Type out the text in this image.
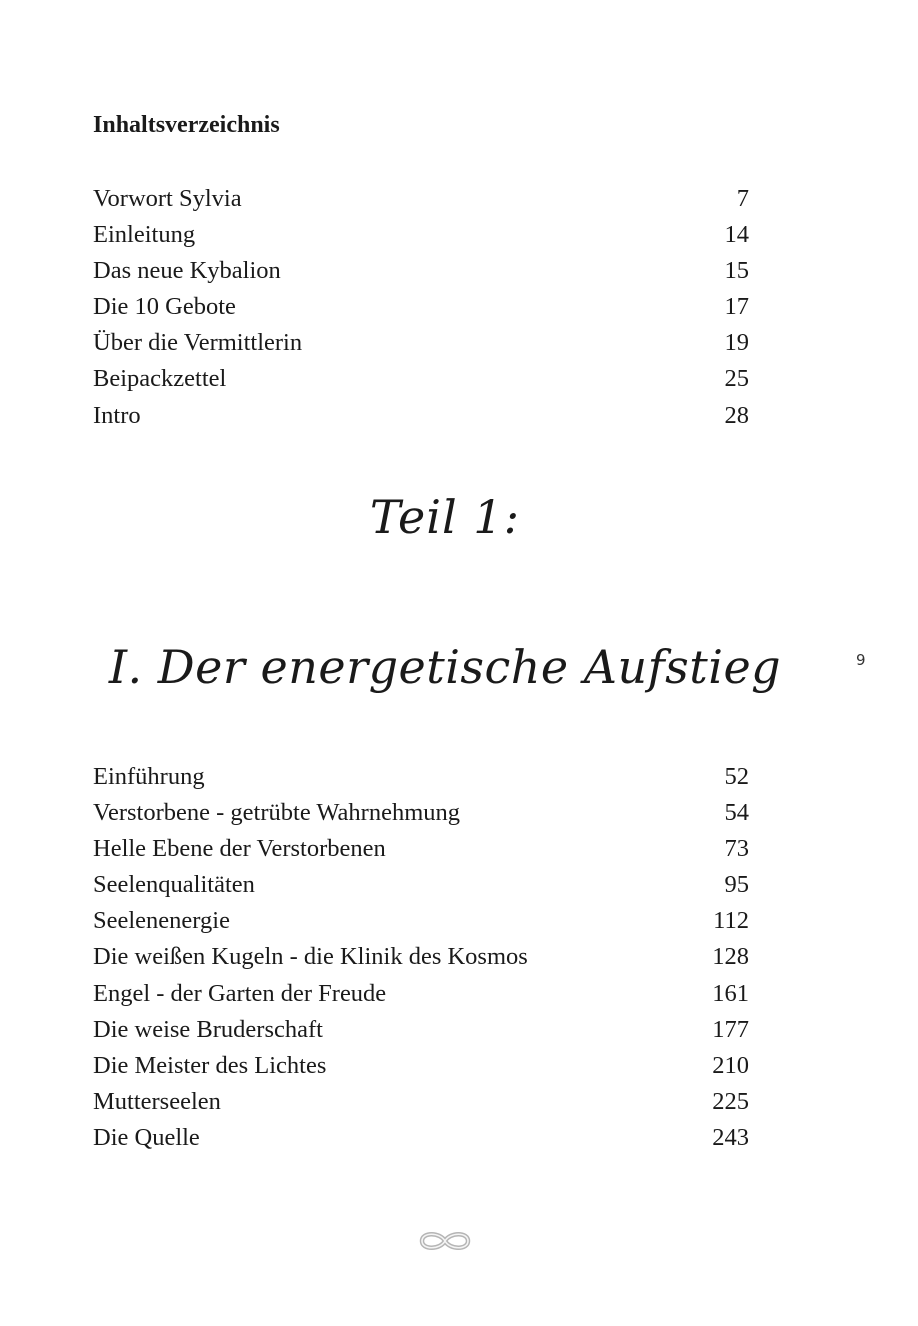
Inhaltsverzeichnis
Vorwort Sylvia	7
Einleitung	14
Das neue Kybalion	15
Die 10 Gebote	17
Über die Vermittlerin	19
Beipackzettel	25
Intro	28
Teil 1:
I. Der energetische Aufstieg	9
Einführung	52
Verstorbene - getrübte Wahrnehmung	54
Helle Ebene der Verstorbenen	73
Seelenqualitäten	95
Seelenenergie	112
Die weißen Kugeln - die Klinik des Kosmos	128
Engel - der Garten der Freude	161
Die weise Bruderschaft	177
Die Meister des Lichtes	210
Mutterseelen	225
Die Quelle	243
